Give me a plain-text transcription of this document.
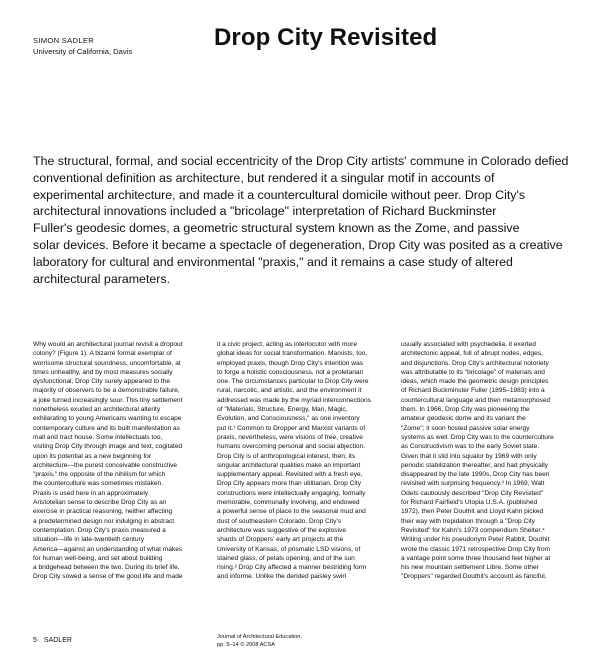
SIMON SADLER
University of California, Davis
Drop City Revisited
The structural, formal, and social eccentricity of the Drop City artists' commune in Colorado defied
conventional definition as architecture, but rendered it a singular motif in accounts of
experimental architecture, and made it a countercultural domicile without peer. Drop City's
architectural innovations included a "bricolage" interpretation of Richard Buckminster
Fuller's geodesic domes, a geometric structural system known as the Zome, and passive
solar devices. Before it became a spectacle of degeneration, Drop City was posited as a creative
laboratory for cultural and environmental "praxis," and it remains a case study of altered
architectural parameters.
Why would an architectural journal revisit a dropout
colony? (Figure 1). A bizarre formal exemplar of
worrisome structural soundness, uncomfortable, at
times unhealthy, and by most measures socially
dysfunctional, Drop City surely appeared to the
majority of observers to be a demonstrable failure,
a joke turned increasingly sour. This tiny settlement
nonetheless exuded an architectural alterity
exhilarating to young Americans wanting to escape
contemporary culture and its built manifestation as
mall and tract house. Some intellectuals too,
visiting Drop City through image and text, cogitated
upon its potential as a new beginning for
architecture—the purest conceivable constructive
"praxis," the opposite of the nihilism for which
the counterculture was sometimes mistaken.
Praxis is used here in an approximately
Aristotelian sense to describe Drop City as an
exercise in practical reasoning, neither affecting
a predetermined design nor indulging in abstract
contemplation. Drop City's praxis measured a
situation—life in late-twentieth century
America—against an understanding of what makes
for human well-being, and set about building
a bridgehead between the two. During its brief life,
Drop City sowed a sense of the good life and made
it a civic project, acting as interlocutor with more
global ideas for social transformation. Marxists, too,
employed praxis, though Drop City's intention was
to forge a holistic consciousness, not a proletarian
one. The circumstances particular to Drop City were
rural, narcotic, and artistic, and the environment it
addressed was made by the myriad interconnections
of "Materials, Structure, Energy, Man, Magic,
Evolution, and Consciousness," as one inventory
put it.¹ Common to Dropper and Marxist variants of
praxis, nevertheless, were visions of free, creative
humans overcoming personal and social abjection.
Drop City is of anthropological interest, then; its
singular architectural qualities make an important
supplementary appeal. Revisited with a fresh eye,
Drop City appears more than utilitarian. Drop City
constructions were intellectually engaging, formally
memorable, communally involving, and endowed
a powerful sense of place to the seasonal mud and
dust of southeastern Colorado. Drop City's
architecture was suggestive of the explosive
shards of Droppers' early art projects at the
University of Kansas, of prismatic LSD visions, of
stained glass, of petals opening, and of the sun
rising.² Drop City affected a manner bestriding form
and informe. Unlike the derided paisley swirl
usually associated with psychedelia, it exerted
architectonic appeal, full of abrupt nodes, edges,
and disjunctions. Drop City's architectural notoriety
was attributable to its "bricolage" of materials and
ideas, which made the geometric design principles
of Richard Buckminster Fuller (1895–1983) into a
countercultural language and then metamorphosed
them. In 1966, Drop City was pioneering the
amateur geodesic dome and its variant the
"Zome"; it soon hosted passive solar energy
systems as well. Drop City was to the counterculture
as Constructivism was to the early Soviet state.
Given that it slid into squalor by 1969 with only
periodic stabilization thereafter, and had physically
disappeared by the late 1990s, Drop City has been
revisited with surprising frequency.³ In 1969, Walt
Odets cautiously described "Drop City Revisited"
for Richard Fairfield's Utopia U.S.A. (published
1972), then Peter Douthit and Lloyd Kahn picked
their way with trepidation through a "Drop City
Revisited" for Kahn's 1973 compendium Shelter.⁴
Writing under his pseudonym Peter Rabbit, Douthit
wrote the classic 1971 retrospective Drop City from
a vantage point some three thousand feet higher at
his new mountain settlement Libre. Some other
"Droppers" regarded Douthit's account as fanciful,
5 SADLER	Journal of Architectural Education,
pp. 5–14 © 2008 ACSA
